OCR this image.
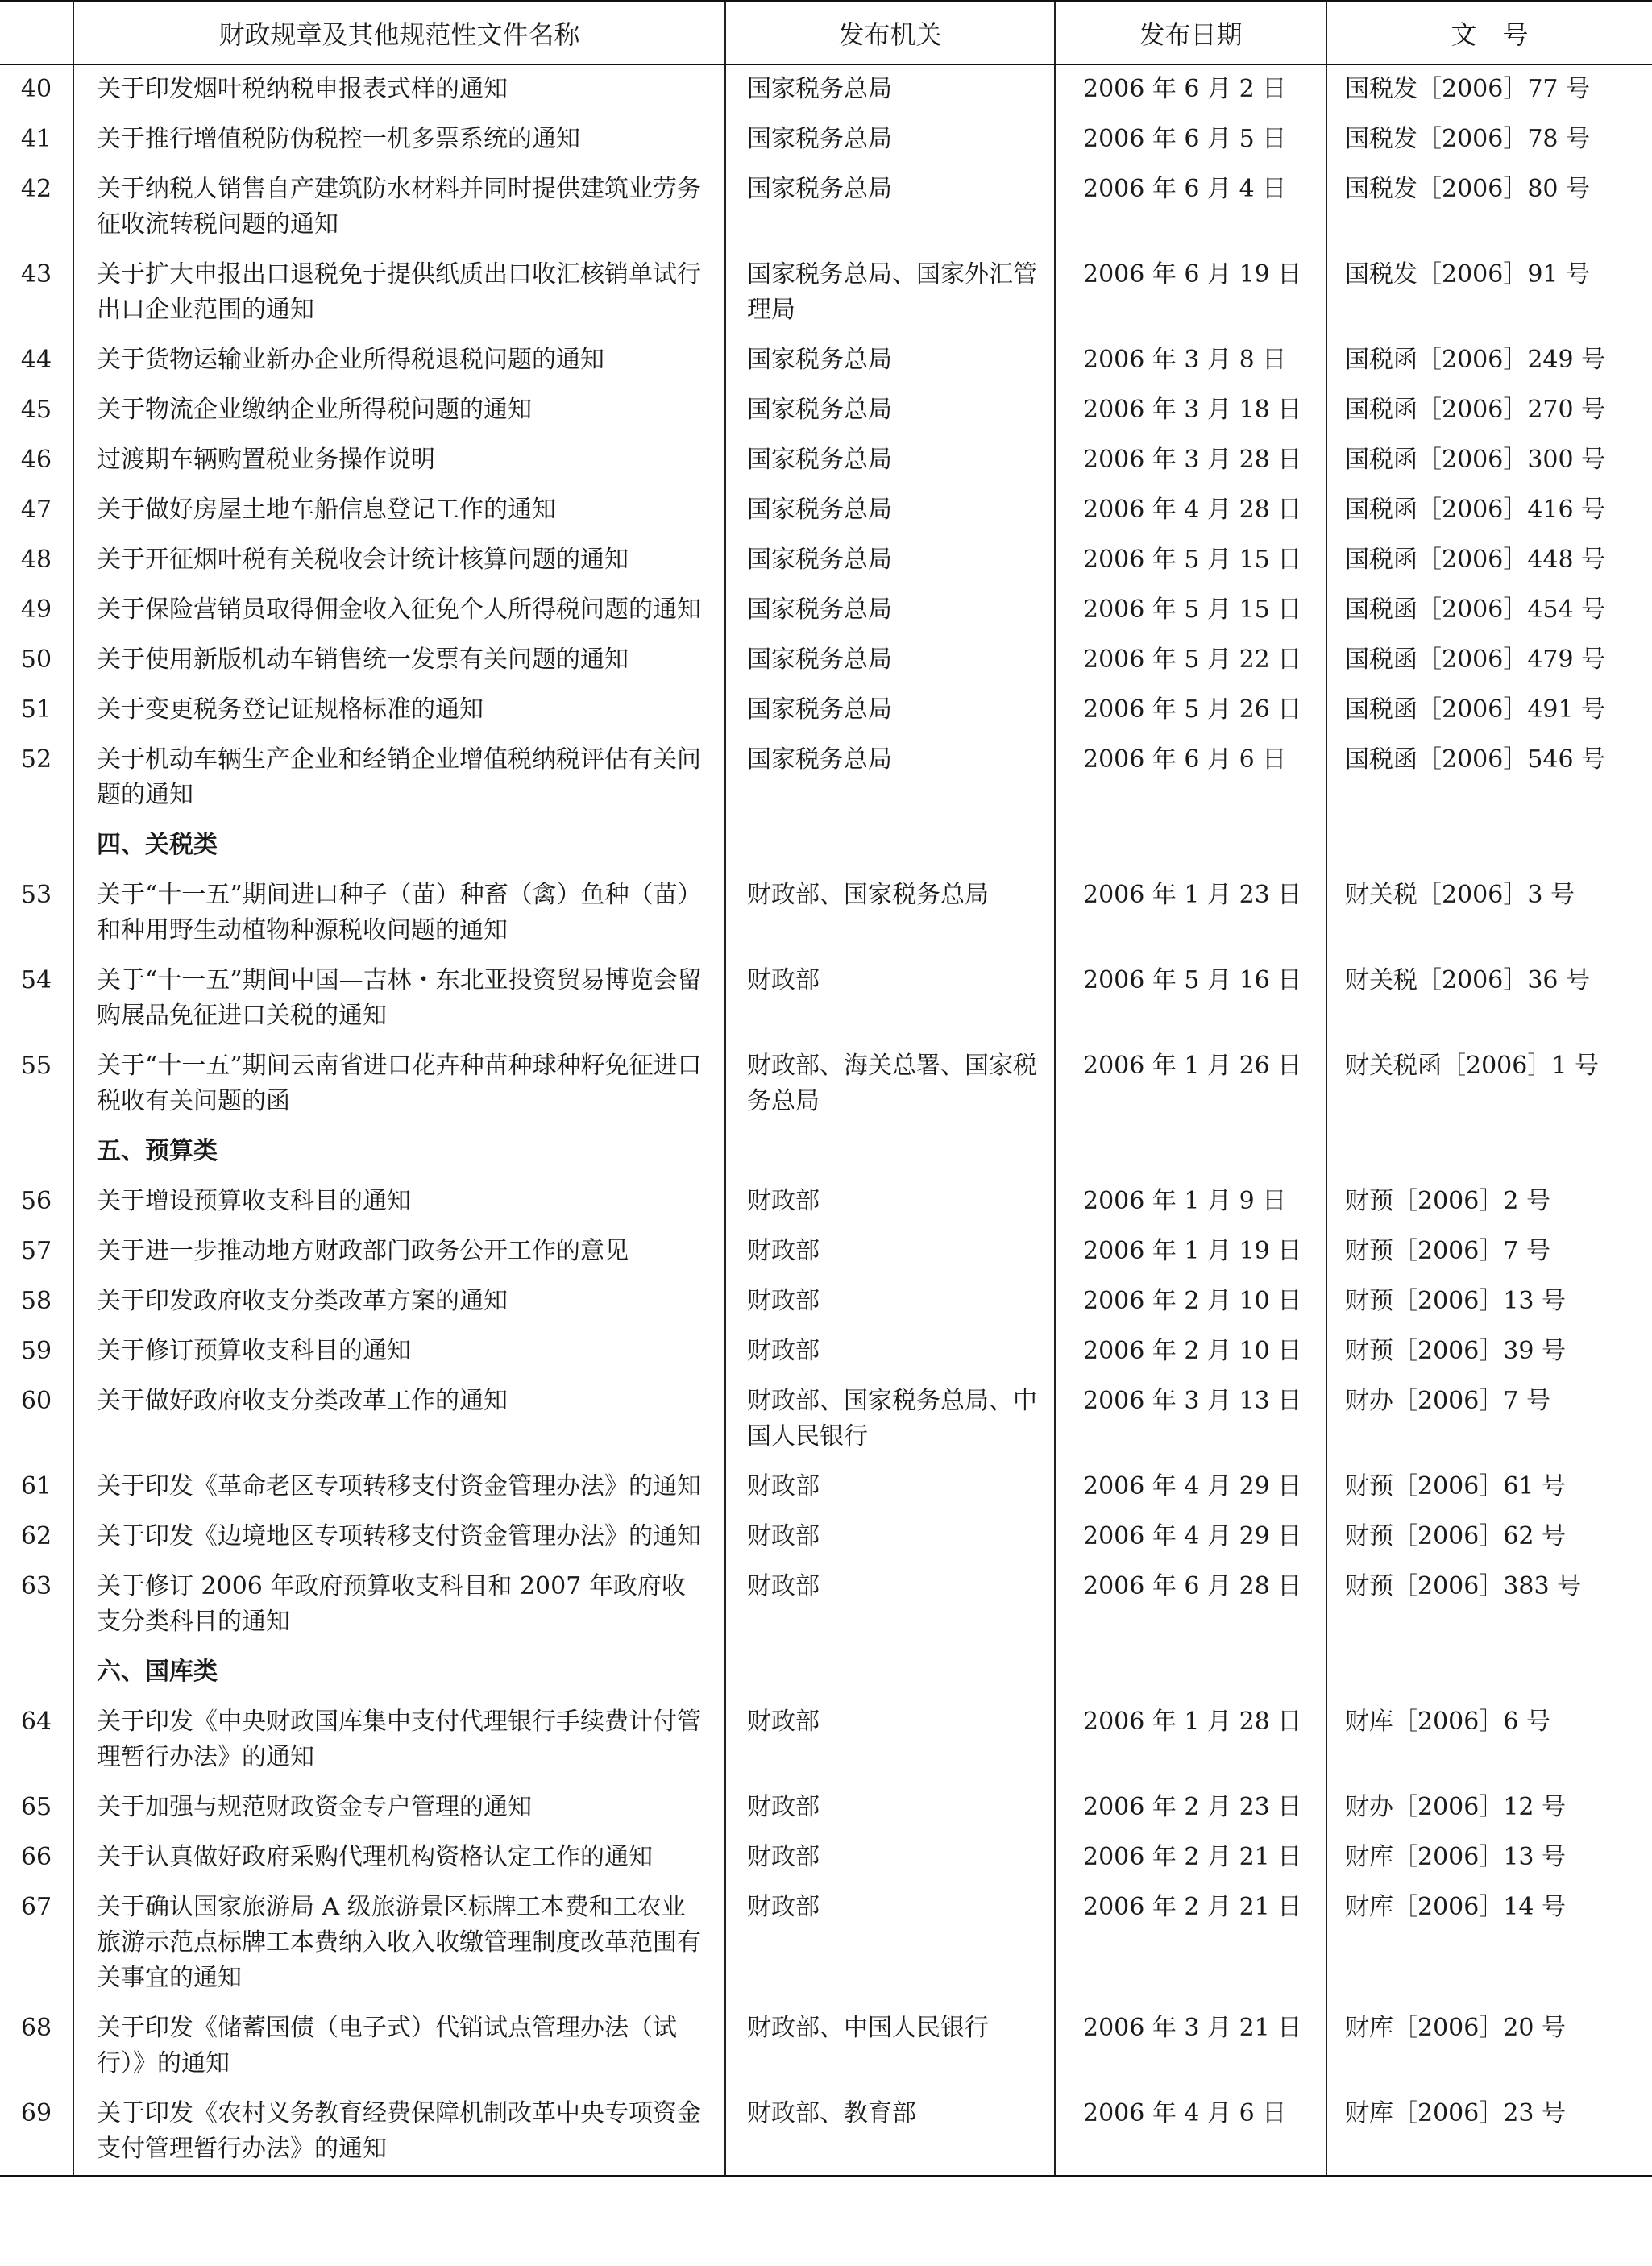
	财政规章及其他规范性文件名称	发布机关	发布日期	文　号
40	关于印发烟叶税纳税申报表式样的通知	国家税务总局	2006 年 6 月 2 日	国税发［2006］77 号
41	关于推行增值税防伪税控一机多票系统的通知	国家税务总局	2006 年 6 月 5 日	国税发［2006］78 号
42	关于纳税人销售自产建筑防水材料并同时提供建筑业劳务征收流转税问题的通知	国家税务总局	2006 年 6 月 4 日	国税发［2006］80 号
43	关于扩大申报出口退税免于提供纸质出口收汇核销单试行出口企业范围的通知	国家税务总局、国家外汇管理局	2006 年 6 月 19 日	国税发［2006］91 号
44	关于货物运输业新办企业所得税退税问题的通知	国家税务总局	2006 年 3 月 8 日	国税函［2006］249 号
45	关于物流企业缴纳企业所得税问题的通知	国家税务总局	2006 年 3 月 18 日	国税函［2006］270 号
46	过渡期车辆购置税业务操作说明	国家税务总局	2006 年 3 月 28 日	国税函［2006］300 号
47	关于做好房屋土地车船信息登记工作的通知	国家税务总局	2006 年 4 月 28 日	国税函［2006］416 号
48	关于开征烟叶税有关税收会计统计核算问题的通知	国家税务总局	2006 年 5 月 15 日	国税函［2006］448 号
49	关于保险营销员取得佣金收入征免个人所得税问题的通知	国家税务总局	2006 年 5 月 15 日	国税函［2006］454 号
50	关于使用新版机动车销售统一发票有关问题的通知	国家税务总局	2006 年 5 月 22 日	国税函［2006］479 号
51	关于变更税务登记证规格标准的通知	国家税务总局	2006 年 5 月 26 日	国税函［2006］491 号
52	关于机动车辆生产企业和经销企业增值税纳税评估有关问题的通知	国家税务总局	2006 年 6 月 6 日	国税函［2006］546 号
	四、关税类			
53	关于“十一五”期间进口种子（苗）种畜（禽）鱼种（苗）和种用野生动植物种源税收问题的通知	财政部、国家税务总局	2006 年 1 月 23 日	财关税［2006］3 号
54	关于“十一五”期间中国—吉林・东北亚投资贸易博览会留购展品免征进口关税的通知	财政部	2006 年 5 月 16 日	财关税［2006］36 号
55	关于“十一五”期间云南省进口花卉种苗种球种籽免征进口税收有关问题的函	财政部、海关总署、国家税务总局	2006 年 1 月 26 日	财关税函［2006］1 号
	五、预算类			
56	关于增设预算收支科目的通知	财政部	2006 年 1 月 9 日	财预［2006］2 号
57	关于进一步推动地方财政部门政务公开工作的意见	财政部	2006 年 1 月 19 日	财预［2006］7 号
58	关于印发政府收支分类改革方案的通知	财政部	2006 年 2 月 10 日	财预［2006］13 号
59	关于修订预算收支科目的通知	财政部	2006 年 2 月 10 日	财预［2006］39 号
60	关于做好政府收支分类改革工作的通知	财政部、国家税务总局、中国人民银行	2006 年 3 月 13 日	财办［2006］7 号
61	关于印发《革命老区专项转移支付资金管理办法》的通知	财政部	2006 年 4 月 29 日	财预［2006］61 号
62	关于印发《边境地区专项转移支付资金管理办法》的通知	财政部	2006 年 4 月 29 日	财预［2006］62 号
63	关于修订 2006 年政府预算收支科目和 2007 年政府收支分类科目的通知	财政部	2006 年 6 月 28 日	财预［2006］383 号
	六、国库类			
64	关于印发《中央财政国库集中支付代理银行手续费计付管理暂行办法》的通知	财政部	2006 年 1 月 28 日	财库［2006］6 号
65	关于加强与规范财政资金专户管理的通知	财政部	2006 年 2 月 23 日	财办［2006］12 号
66	关于认真做好政府采购代理机构资格认定工作的通知	财政部	2006 年 2 月 21 日	财库［2006］13 号
67	关于确认国家旅游局 A 级旅游景区标牌工本费和工农业旅游示范点标牌工本费纳入收入收缴管理制度改革范围有关事宜的通知	财政部	2006 年 2 月 21 日	财库［2006］14 号
68	关于印发《储蓄国债（电子式）代销试点管理办法（试行）》的通知	财政部、中国人民银行	2006 年 3 月 21 日	财库［2006］20 号
69	关于印发《农村义务教育经费保障机制改革中央专项资金支付管理暂行办法》的通知	财政部、教育部	2006 年 4 月 6 日	财库［2006］23 号
